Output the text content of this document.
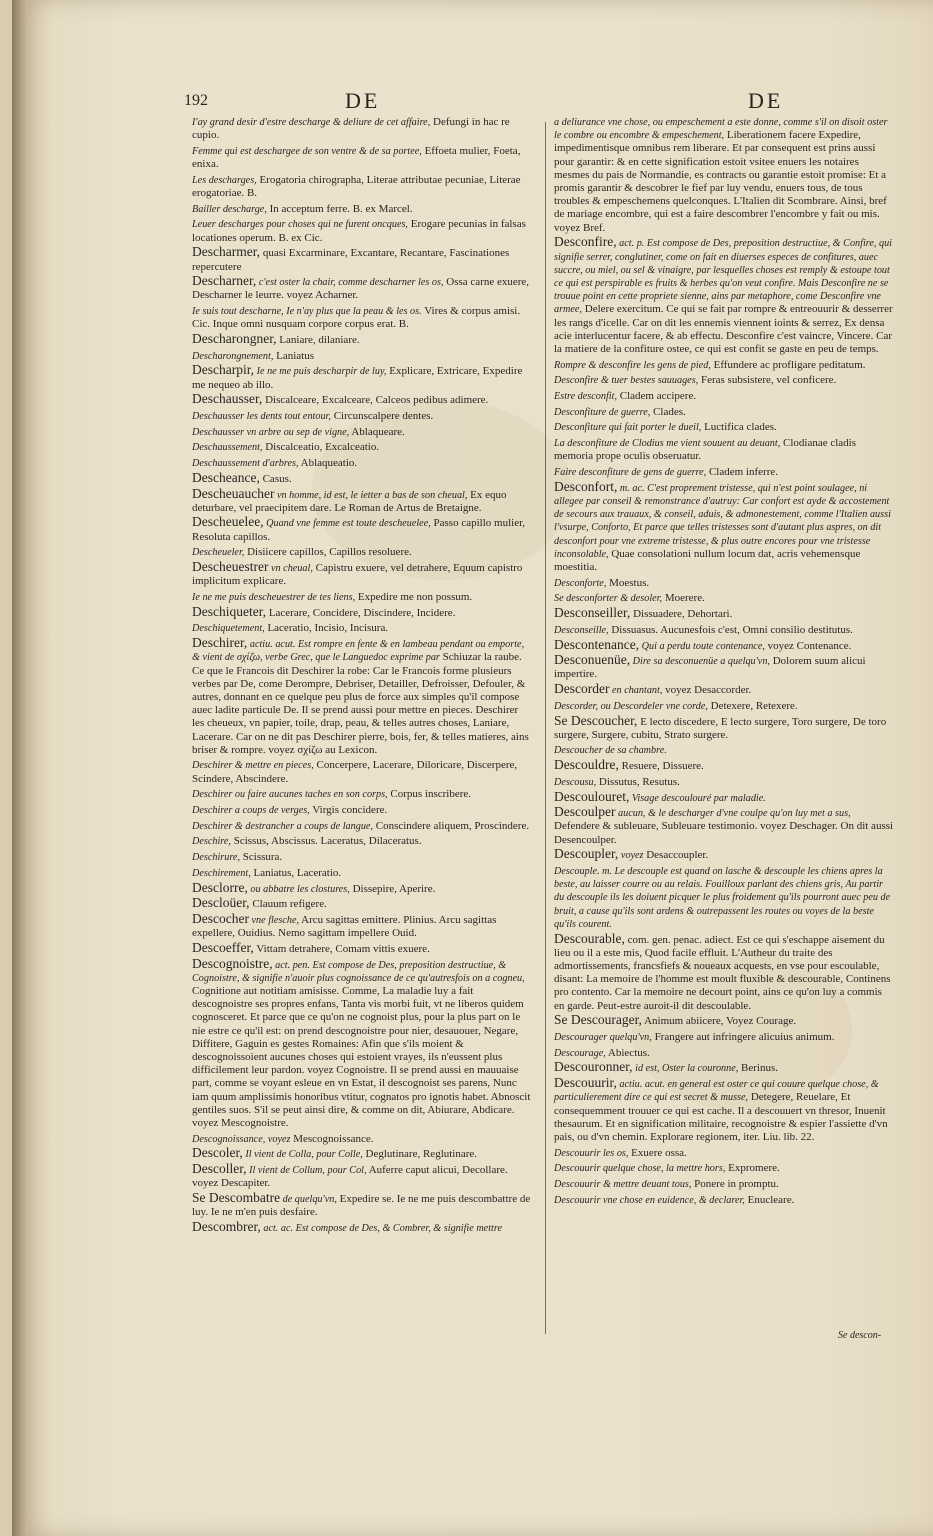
192	DE	DE
I'ay grand desir d'estre descharge & deliure de cet affaire, Defungi in hac re cupio.
Femme qui est deschargee de son ventre & de sa portee, Effoeta mulier, Foeta, enixa.
Les descharges, Erogatoria chirographa, Literae attributae pecuniae, Literae erogatoriae. B.
Bailler descharge, In acceptum ferre. B. ex Marcel.
Leuer descharges pour choses qui ne furent oncques, Erogare pecunias in falsas locationes operum. B. ex Cic.
Descharmer, quasi Excarminare, Excantare, Recantare, Fascinationes repercutere
Descharner, c'est oster la chair, comme descharner les os, Ossa carne exuere, Descharner le leurre. voyez Acharner.
Ie suis tout descharne, Ie n'ay plus que la peau & les os. Vires & corpus amisi. Cic. Inque omni nusquam corpore corpus erat. B.
Descharongner, Laniare, dilaniare.
Descharongnement, Laniatus
Descharpir, Ie ne me puis descharpir de luy, Explicare, Extricare, Expedire me nequeo ab illo.
Deschausser, Discalceare, Excalceare, Calceos pedibus adimere.
Deschausser les dents tout entour, Circunscalpere dentes.
Deschausser vn arbre ou sep de vigne, Ablaqueare.
Deschaussement, Discalceatio, Excalceatio.
Deschaussement d'arbres, Ablaqueatio.
Descheance, Casus.
Descheuaucher vn homme, id est, le ietter a bas de son cheual, Ex equo deturbare, vel praecipitem dare. Le Roman de Artus de Bretaigne.
Descheuelee, Quand vne femme est toute descheuelee, Passo capillo mulier, Resoluta capillos.
Descheueler, Disiicere capillos, Capillos resoluere.
Descheuestrer vn cheual, Capistru exuere, vel detrahere, Equum capistro implicitum explicare.
Ie ne me puis descheuestrer de tes liens, Expedire me non possum.
Deschiqueter, Lacerare, Concidere, Discindere, Incidere.
Deschiquetement, Laceratio, Incisio, Incisura.
Deschirer, actiu. acut. Est rompre en fente & en lambeau pendant ou emporte, & vient de σχίζω, verbe Grec, que le Languedoc exprime par Schiuzar la raube. Ce que le Francois dit Deschirer la robe: Car le Francois forme plusieurs verbes par De, come Derompre, Debriser, Detailler, Defroisser, Defouler, & autres, donnant en ce quelque peu plus de force aux simples qu'il compose auec ladite particule De. Il se prend aussi pour mettre en pieces. Deschirer les cheueux, vn papier, toile, drap, peau, & telles autres choses, Laniare, Lacerare. Car on ne dit pas Deschirer pierre, bois, fer, & telles matieres, ains briser & rompre. voyez σχίζω au Lexicon.
Deschirer & mettre en pieces, Concerpere, Lacerare, Diloricare, Discerpere, Scindere, Abscindere.
Deschirer ou faire aucunes taches en son corps, Corpus inscribere.
Deschirer a coups de verges, Virgis concidere.
Deschirer & destrancher a coups de langue, Conscindere aliquem, Proscindere.
Deschire, Scissus, Abscissus. Laceratus, Dilaceratus.
Deschirure, Scissura.
Deschirement, Laniatus, Laceratio.
Desclorre, ou abbatre les clostures, Dissepire, Aperire.
Descloüer, Clauum refigere.
Descocher vne flesche, Arcu sagittas emittere. Plinius. Arcu sagittas expellere, Ouidius. Nemo sagittam impellere Ouid.
Descoeffer, Vittam detrahere, Comam vittis exuere.
Descognoistre, act. pen. Est compose de Des, preposition destructiue, & Cognoistre, & signifie n'auoir plus cognoissance de ce qu'autresfois on a cogneu, Cognitione aut notitiam amisisse. Comme, La maladie luy a fait descognoistre ses propres enfans, Tanta vis morbi fuit, vt ne liberos quidem cognosceret. Et parce que ce qu'on ne cognoist plus, pour la plus part on le nie estre ce qu'il est: on prend descognoistre pour nier, desauouer, Negare, Diffitere, Gaguin es gestes Romaines: Afin que s'ils moient & descognoissoient aucunes choses qui estoient vrayes, ils n'eussent plus difficilement leur pardon. voyez Cognoistre. Il se prend aussi en mauuaise part, comme se voyant esleue en vn Estat, il descognoist ses parens, Nunc iam quum amplissimis honoribus vtitur, cognatos pro ignotis habet. Abnoscit gentiles suos. S'il se peut ainsi dire, & comme on dit, Abiurare, Abdicare. voyez Mescognoistre.
Descognoissance, voyez Mescognoissance.
Descoler, Il vient de Colla, pour Colle, Deglutinare, Reglutinare.
Descoller, Il vient de Collum, pour Col, Auferre caput alicui, Decollare. voyez Descapiter.
Se Descombatre de quelqu'vn, Expedire se. Ie ne me puis descombattre de luy. Ie ne m'en puis desfaire.
Descombrer, act. ac. Est compose de Des, & Combrer, & signifie mettre
a deliurance vne chose, ou empeschement a este donne, comme s'il on disoit oster le combre ou encombre & empeschement, Liberationem facere Expedire, impedimentisque omnibus rem liberare. Et par consequent est prins aussi pour garantir: & en cette signification estoit vsitee enuers les notaires mesmes du pais de Normandie, es contracts ou garantie estoit promise: Et a promis garantir & descobrer le fief par luy vendu, enuers tous, de tous troubles & empeschemens quelconques. L'Italien dit Scombrare. Ainsi, bref de mariage encombre, qui est a faire descombrer l'encombre y fait ou mis. voyez Bref.
Desconfire, act. p. Est compose de Des, preposition destructiue, & Confire, qui signifie serrer, conglutiner, come on fait en diuerses especes de confitures, auec succre, ou miel, ou sel & vinaigre, par lesquelles choses est remply & estoupe tout ce qui est perspirable es fruits & herbes qu'on veut confire. Mais Desconfire ne se trouue point en cette propriete sienne, ains par metaphore, come Desconfire vne armee, Delere exercitum. Ce qui se fait par rompre & entreouurir & desserrer les rangs d'icelle. Car on dit les ennemis viennent ioints & serrez, Ex densa acie interlucentur facere, & ab effectu. Desconfire c'est vaincre, Vincere. Car la matiere de la confiture ostee, ce qui est confit se gaste en peu de temps.
Rompre & desconfire les gens de pied, Effundere ac profligare peditatum.
Desconfire & tuer bestes sauuages, Feras subsistere, vel conficere.
Estre desconfit, Cladem accipere.
Desconfiture de guerre, Clades.
Desconfiture qui fait porter le dueil, Luctifica clades.
La desconfiture de Clodius me vient souuent au deuant, Clodianae cladis memoria prope oculis obseruatur.
Faire desconfiture de gens de guerre, Cladem inferre.
Desconfort, m. ac. C'est proprement tristesse, qui n'est point soulagee, ni allegee par conseil & remonstrance d'autruy: Car confort est ayde & accostement de secours aux trauaux, & conseil, aduis, & admonestement, comme l'Italien aussi l'vsurpe, Conforto, Et parce que telles tristesses sont d'autant plus aspres, on dit desconfort pour vne extreme tristesse, & plus outre encores pour vne tristesse inconsolable, Quae consolationi nullum locum dat, acris vehemensque moestitia.
Desconforte, Moestus.
Se desconforter & desoler, Moerere.
Desconseiller, Dissuadere, Dehortari.
Desconseille, Dissuasus. Aucunesfois c'est, Omni consilio destitutus.
Descontenance, Qui a perdu toute contenance, voyez Contenance.
Desconuenüe, Dire sa desconuenüe a quelqu'vn, Dolorem suum alicui impertire.
Descorder en chantant, voyez Desaccorder.
Descorder, ou Descordeler vne corde, Detexere, Retexere.
Se Descoucher, E lecto discedere, E lecto surgere, Toro surgere, De toro surgere, Surgere, cubitu, Strato surgere.
Descoucher de sa chambre.
Descouldre, Resuere, Dissuere.
Descousu, Dissutus, Resutus.
Descoulouret, Visage descoulouré par maladie.
Descoulper aucun, & le descharger d'vne coulpe qu'on luy met a sus, Defendere & subleuare, Subleuare testimonio. voyez Deschager. On dit aussi Desencoulper.
Descoupler, voyez Desaccoupler.
Descouple. m. Le descouple est quand on lasche & descouple les chiens apres la beste, au laisser courre ou au relais. Fouilloux parlant des chiens gris, Au partir du descouple ils les doiuent picquer le plus froidement qu'ils pourront auec peu de bruit, a cause qu'ils sont ardens & outrepassent les routes ou voyes de la beste qu'ils courent.
Descourable, com. gen. penac. adiect. Est ce qui s'eschappe aisement du lieu ou il a este mis, Quod facile effluit. L'Autheur du traite des admortissements, francsfiefs & noueaux acquests, en vse pour escoulable, disant: La memoire de l'homme est moult fluxible & descourable, Continens pro contento. Car la memoire ne decourt point, ains ce qu'on luy a commis en garde. Peut-estre auroit-il dit descoulable.
Se Descourager, Animum abiicere, Voyez Courage.
Descourager quelqu'vn, Frangere aut infringere alicuius animum.
Descourage, Abiectus.
Descouronner, id est, Oster la couronne, Berinus.
Descouurir, actiu. acut. en general est oster ce qui couure quelque chose, & particulierement dire ce qui est secret & musse, Detegere, Reuelare, Et consequemment trouuer ce qui est cache. Il a descouuert vn thresor, Inuenit thesaurum. Et en signification militaire, recognoistre & espier l'assiette d'vn pais, ou d'vn chemin. Explorare regionem, iter. Liu. lib. 22.
Descouurir les os, Exuere ossa.
Descouurir quelque chose, la mettre hors, Expromere.
Descouurir & mettre deuant tous, Ponere in promptu.
Descouurir vne chose en euidence, & declarer, Enucleare.
Se descon-
